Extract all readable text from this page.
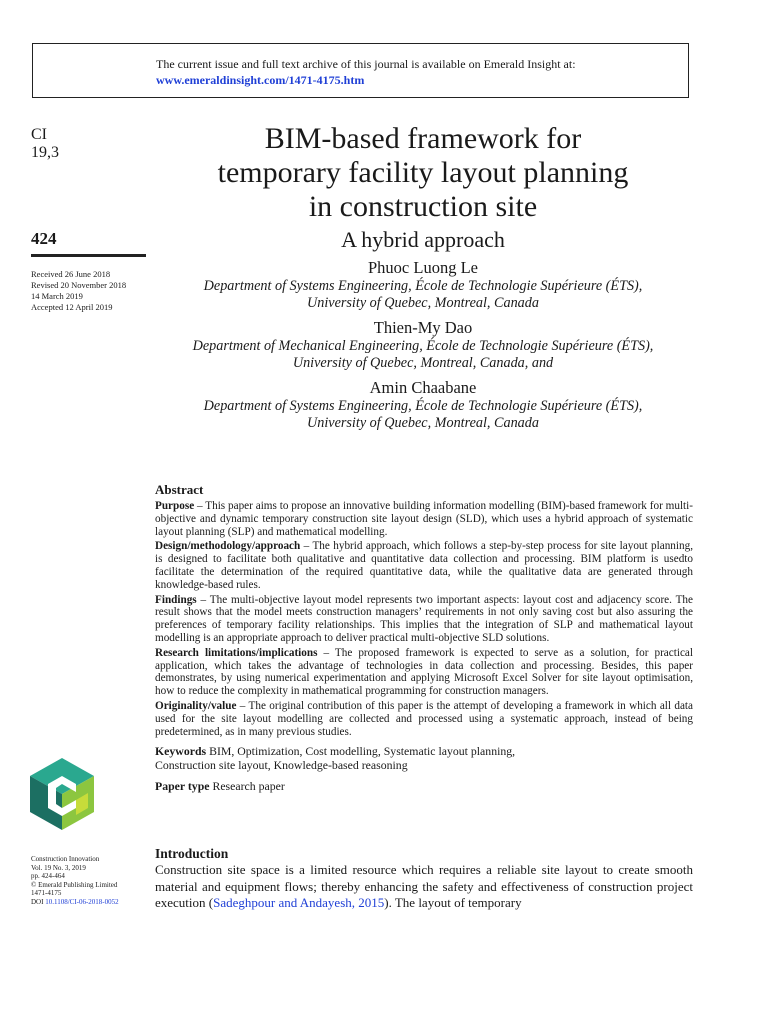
The current issue and full text archive of this journal is available on Emerald Insight at:
www.emeraldinsight.com/1471-4175.htm
CI
19,3
424
Received 26 June 2018
Revised 20 November 2018
14 March 2019
Accepted 12 April 2019
BIM-based framework for
temporary facility layout planning
in construction site
A hybrid approach
Phuoc Luong Le
Department of Systems Engineering, École de Technologie Supérieure (ÉTS),
University of Quebec, Montreal, Canada
Thien-My Dao
Department of Mechanical Engineering, École de Technologie Supérieure (ÉTS),
University of Quebec, Montreal, Canada, and
Amin Chaabane
Department of Systems Engineering, École de Technologie Supérieure (ÉTS),
University of Quebec, Montreal, Canada
Abstract

Purpose – This paper aims to propose an innovative building information modelling (BIM)-based framework for multi-objective and dynamic temporary construction site layout design (SLD), which uses a hybrid approach of systematic layout planning (SLP) and mathematical modelling.

Design/methodology/approach – The hybrid approach, which follows a step-by-step process for site layout planning, is designed to facilitate both qualitative and quantitative data collection and processing. BIM platform is usedto facilitate the determination of the required quantitative data, while the qualitative data are generated through knowledge-based rules.

Findings – The multi-objective layout model represents two important aspects: layout cost and adjacency score. The result shows that the model meets construction managers’ requirements in not only saving cost but also assuring the preferences of temporary facility relationships. This implies that the integration of SLP and mathematical layout modelling is an appropriate approach to deliver practical multi-objective SLD solutions.

Research limitations/implications – The proposed framework is expected to serve as a solution, for practical application, which takes the advantage of technologies in data collection and processing. Besides, this paper demonstrates, by using numerical experimentation and applying Microsoft Excel Solver for site layout optimisation, how to reduce the complexity in mathematical programming for construction managers.

Originality/value – The original contribution of this paper is the attempt of developing a framework in which all data used for the site layout modelling are collected and processed using a systematic approach, instead of being predetermined, as in many previous studies.

Keywords BIM, Optimization, Cost modelling, Systematic layout planning,
Construction site layout, Knowledge-based reasoning
Paper type Research paper
Introduction

Construction site space is a limited resource which requires a reliable site layout to create smooth material and equipment flows; thereby enhancing the safety and effectiveness of construction project execution (Sadeghpour and Andayesh, 2015). The layout of temporary

Construction Innovation
Vol. 19 No. 3, 2019
pp. 424-464
© Emerald Publishing Limited
1471-4175
DOI 10.1108/CI-06-2018-0052
